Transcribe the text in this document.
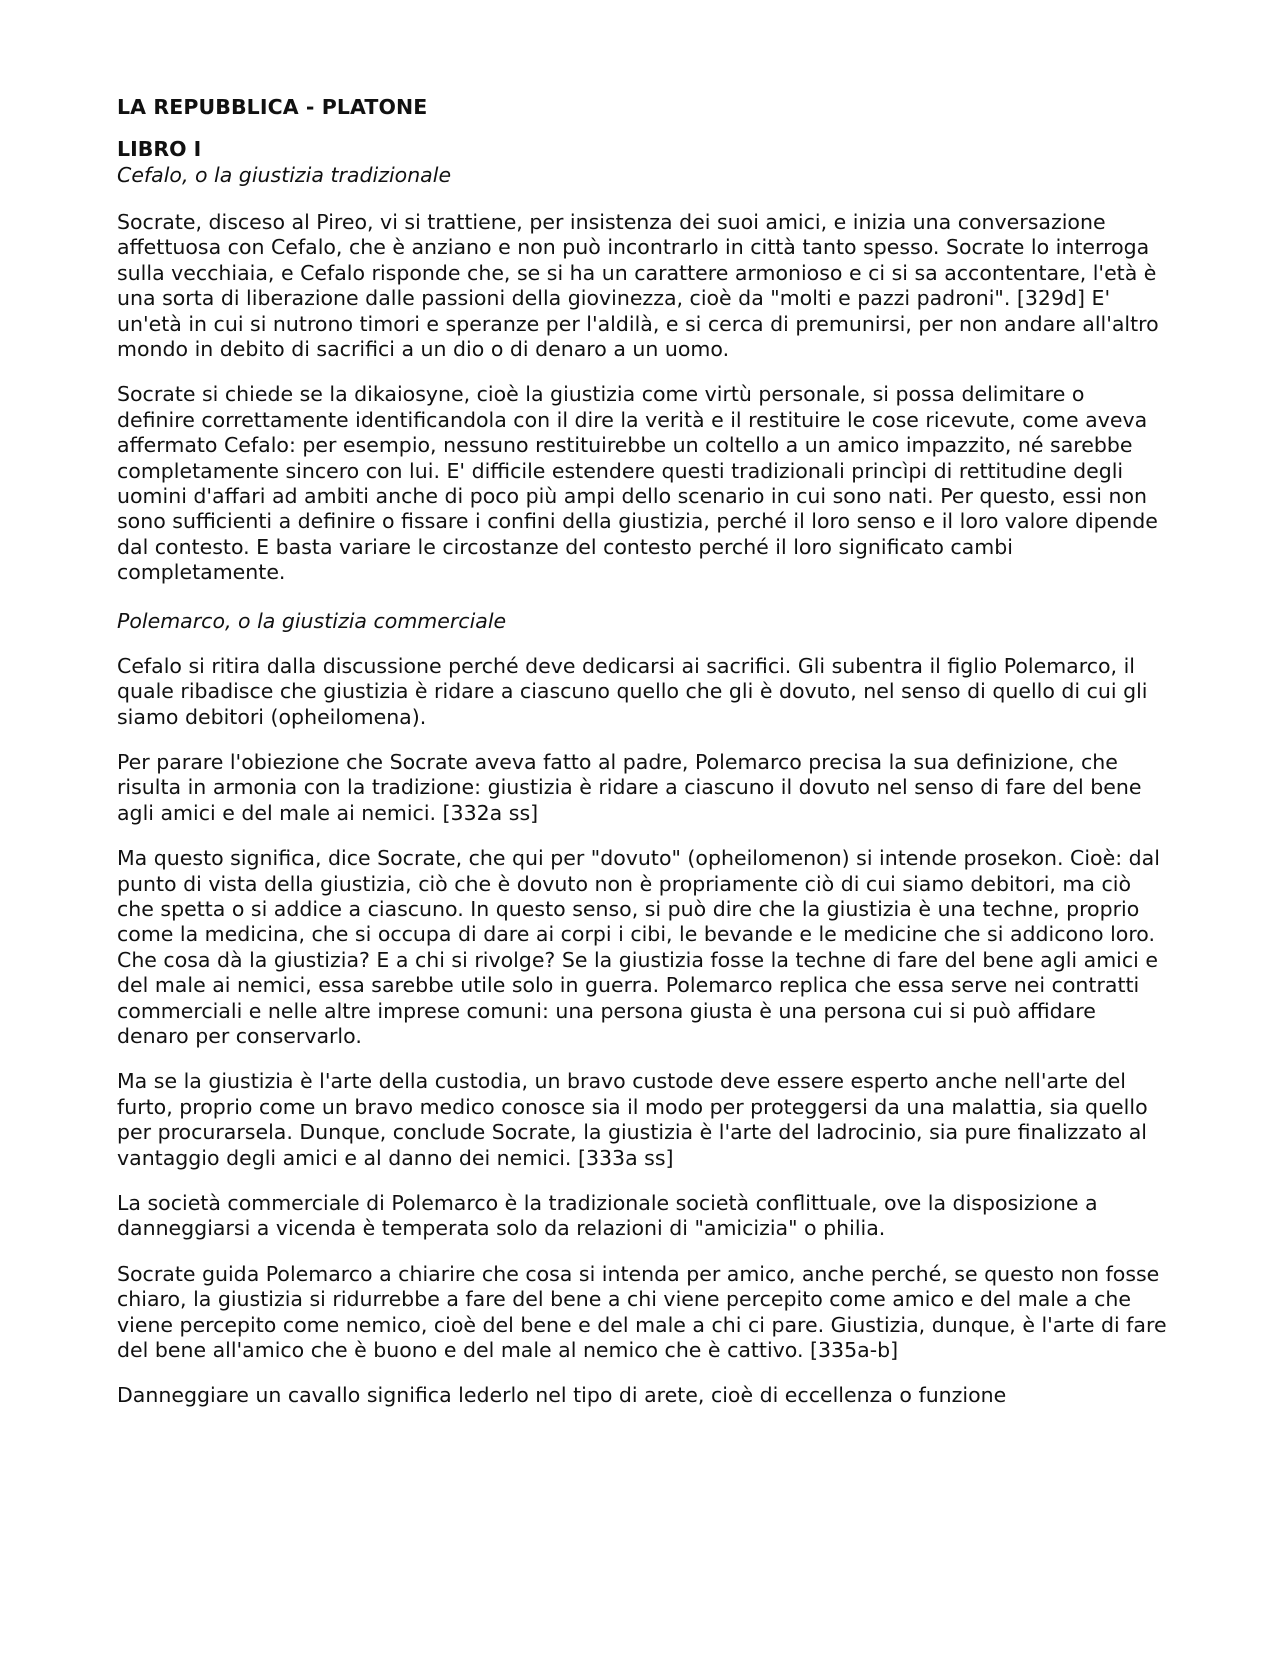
LA REPUBBLICA - PLATONE
LIBRO I
Cefalo, o la giustizia tradizionale

Socrate, disceso al Pireo, vi si trattiene, per insistenza dei suoi amici, e inizia una conversazione affettuosa con Cefalo, che è anziano e non può incontrarlo in città tanto spesso. Socrate lo interroga sulla vecchiaia, e Cefalo risponde che, se si ha un carattere armonioso e ci si sa accontentare, l'età è una sorta di liberazione dalle passioni della giovinezza, cioè da "molti e pazzi padroni". [329d] E' un'età in cui si nutrono timori e speranze per l'aldilà, e si cerca di premunirsi, per non andare all'altro mondo in debito di sacrifici a un dio o di denaro a un uomo.

Socrate si chiede se la dikaiosyne, cioè la giustizia come virtù personale, si possa delimitare o definire correttamente identificandola con il dire la verità e il restituire le cose ricevute, come aveva affermato Cefalo: per esempio, nessuno restituirebbe un coltello a un amico impazzito, né sarebbe completamente sincero con lui. E' difficile estendere questi tradizionali princìpi di rettitudine degli uomini d'affari ad ambiti anche di poco più ampi dello scenario in cui sono nati. Per questo, essi non sono sufficienti a definire o fissare i confini della giustizia, perché il loro senso e il loro valore dipende dal contesto. E basta variare le circostanze del contesto perché il loro significato cambi completamente.

Polemarco, o la giustizia commerciale

Cefalo si ritira dalla discussione perché deve dedicarsi ai sacrifici. Gli subentra il figlio Polemarco, il quale ribadisce che giustizia è ridare a ciascuno quello che gli è dovuto, nel senso di quello di cui gli siamo debitori (opheilomena).

Per parare l'obiezione che Socrate aveva fatto al padre, Polemarco precisa la sua definizione, che risulta in armonia con la tradizione: giustizia è ridare a ciascuno il dovuto nel senso di fare del bene agli amici e del male ai nemici. [332a ss]

Ma questo significa, dice Socrate, che qui per "dovuto" (opheilomenon) si intende prosekon. Cioè: dal punto di vista della giustizia, ciò che è dovuto non è propriamente ciò di cui siamo debitori, ma ciò che spetta o si addice a ciascuno. In questo senso, si può dire che la giustizia è una techne, proprio come la medicina, che si occupa di dare ai corpi i cibi, le bevande e le medicine che si addicono loro. Che cosa dà la giustizia? E a chi si rivolge? Se la giustizia fosse la techne di fare del bene agli amici e del male ai nemici, essa sarebbe utile solo in guerra. Polemarco replica che essa serve nei contratti commerciali e nelle altre imprese comuni: una persona giusta è una persona cui si può affidare denaro per conservarlo.

Ma se la giustizia è l'arte della custodia, un bravo custode deve essere esperto anche nell'arte del furto, proprio come un bravo medico conosce sia il modo per proteggersi da una malattia, sia quello per procurarsela. Dunque, conclude Socrate, la giustizia è l'arte del ladrocinio, sia pure finalizzato al vantaggio degli amici e al danno dei nemici. [333a ss]

La società commerciale di Polemarco è la tradizionale società conflittuale, ove la disposizione a danneggiarsi a vicenda è temperata solo da relazioni di "amicizia" o philia.

Socrate guida Polemarco a chiarire che cosa si intenda per amico, anche perché, se questo non fosse chiaro, la giustizia si ridurrebbe a fare del bene a chi viene percepito come amico e del male a che viene percepito come nemico, cioè del bene e del male a chi ci pare. Giustizia, dunque, è l'arte di fare del bene all'amico che è buono e del male al nemico che è cattivo. [335a-b]

Danneggiare un cavallo significa lederlo nel tipo di arete, cioè di eccellenza o funzione
